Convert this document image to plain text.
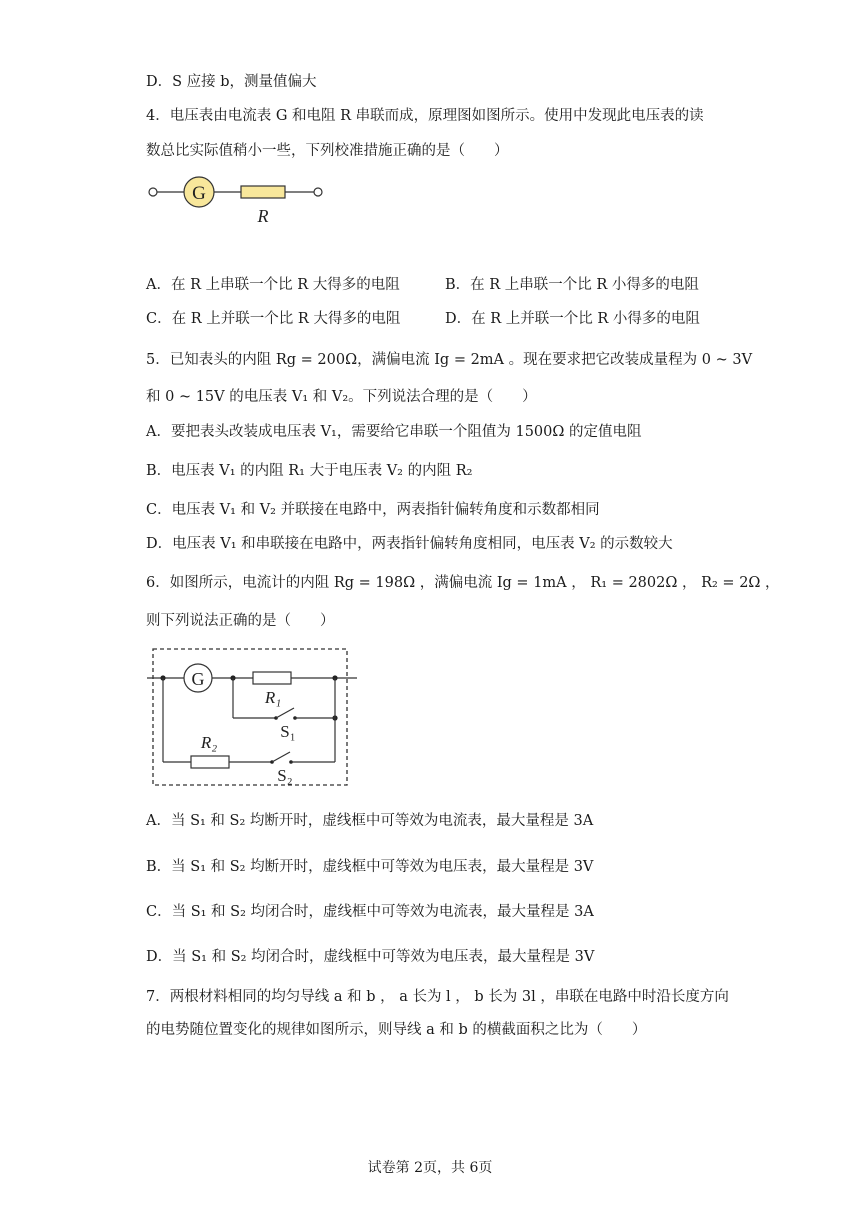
D．S 应接 b，测量值偏大
4．电压表由电流表 G 和电阻 R 串联而成，原理图如图所示。使用中发现此电压表的读
数总比实际值稍小一些，下列校准措施正确的是（　　）
G
R
A．在 R 上串联一个比 R 大得多的电阻	B．在 R 上串联一个比 R 小得多的电阻
C．在 R 上并联一个比 R 大得多的电阻	D．在 R 上并联一个比 R 小得多的电阻
5．已知表头的内阻 Rg = 200Ω，满偏电流 Ig = 2mA 。现在要求把它改装成量程为 0 ~ 3V
和 0 ~ 15V 的电压表 V₁ 和 V₂。下列说法合理的是（　　）
A．要把表头改装成电压表 V₁，需要给它串联一个阻值为 1500Ω 的定值电阻
B．电压表 V₁ 的内阻 R₁ 大于电压表 V₂ 的内阻 R₂
C．电压表 V₁ 和 V₂ 并联接在电路中，两表指针偏转角度和示数都相同
D．电压表 V₁ 和串联接在电路中，两表指针偏转角度相同，电压表 V₂ 的示数较大
6．如图所示，电流计的内阻 Rg = 198Ω ，满偏电流 Ig = 1mA ， R₁ = 2802Ω ， R₂ = 2Ω ，
则下列说法正确的是（　　）
G
R₁
S₁
R₂
S₂
A．当 S₁ 和 S₂ 均断开时，虚线框中可等效为电流表，最大量程是 3A
B．当 S₁ 和 S₂ 均断开时，虚线框中可等效为电压表，最大量程是 3V
C．当 S₁ 和 S₂ 均闭合时，虚线框中可等效为电流表，最大量程是 3A
D．当 S₁ 和 S₂ 均闭合时，虚线框中可等效为电压表，最大量程是 3V
7．两根材料相同的均匀导线 a 和 b ， a 长为 l ， b 长为 3l ，串联在电路中时沿长度方向
的电势随位置变化的规律如图所示，则导线 a 和 b 的横截面积之比为（　　）
试卷第 2页，共 6页
